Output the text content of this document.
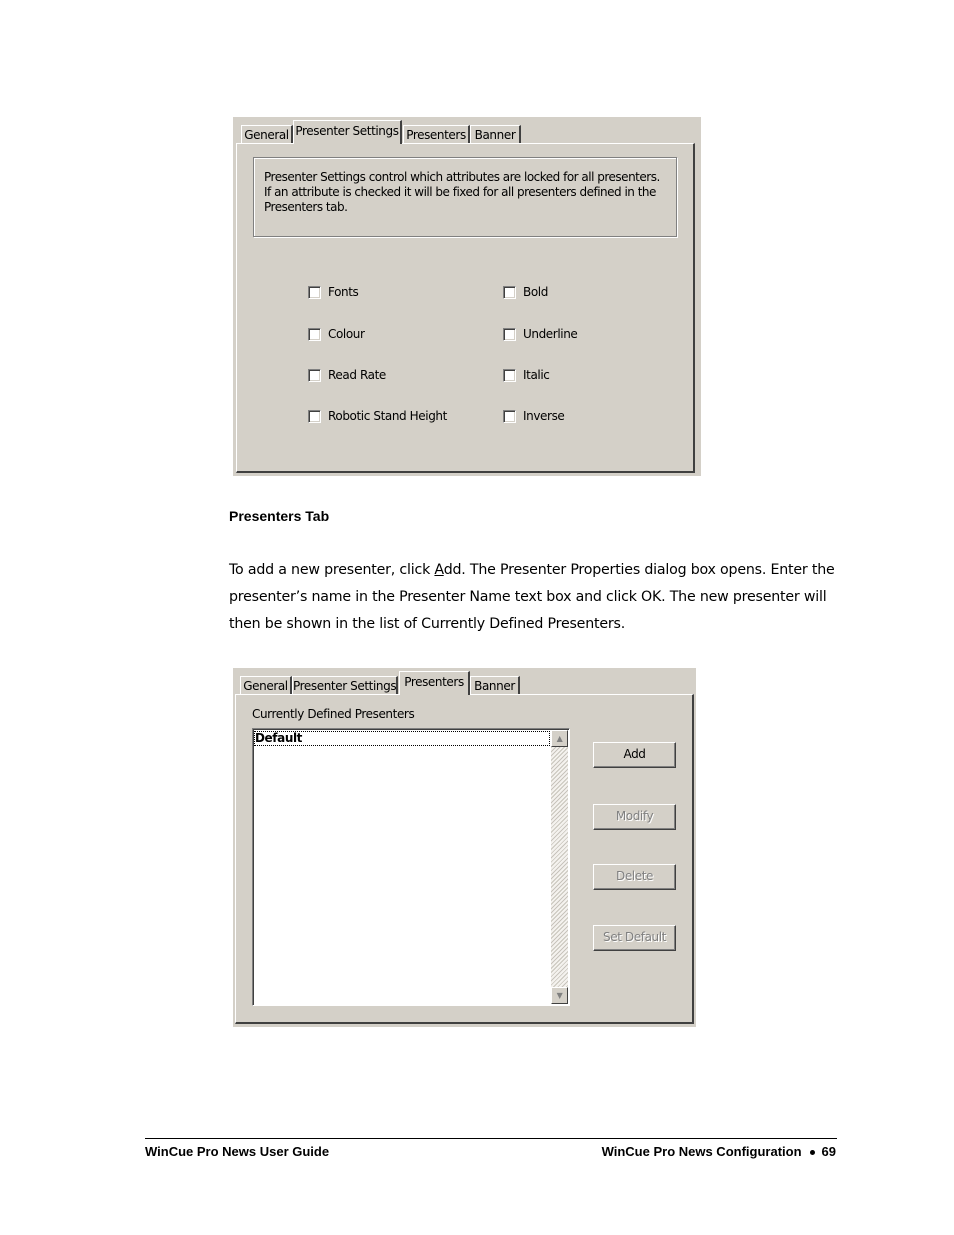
General Presenter Settings Presenters Banner
Presenter Settings control which attributes are locked for all presenters. If an attribute is checked it will be fixed for all presenters defined in the Presenters tab.
Fonts
Colour
Read Rate
Robotic Stand Height
Bold
Underline
Italic
Inverse
Presenters Tab
To add a new presenter, click Add. The Presenter Properties dialog box opens. Enter the presenter’s name in the Presenter Name text box and click OK. The new presenter will then be shown in the list of Currently Defined Presenters.
General Presenter Settings Presenters Banner
Currently Defined Presenters
Default	▲
▼
Add
Modify
Delete
Set Default
WinCue Pro News User Guide	WinCue Pro News Configuration 69
